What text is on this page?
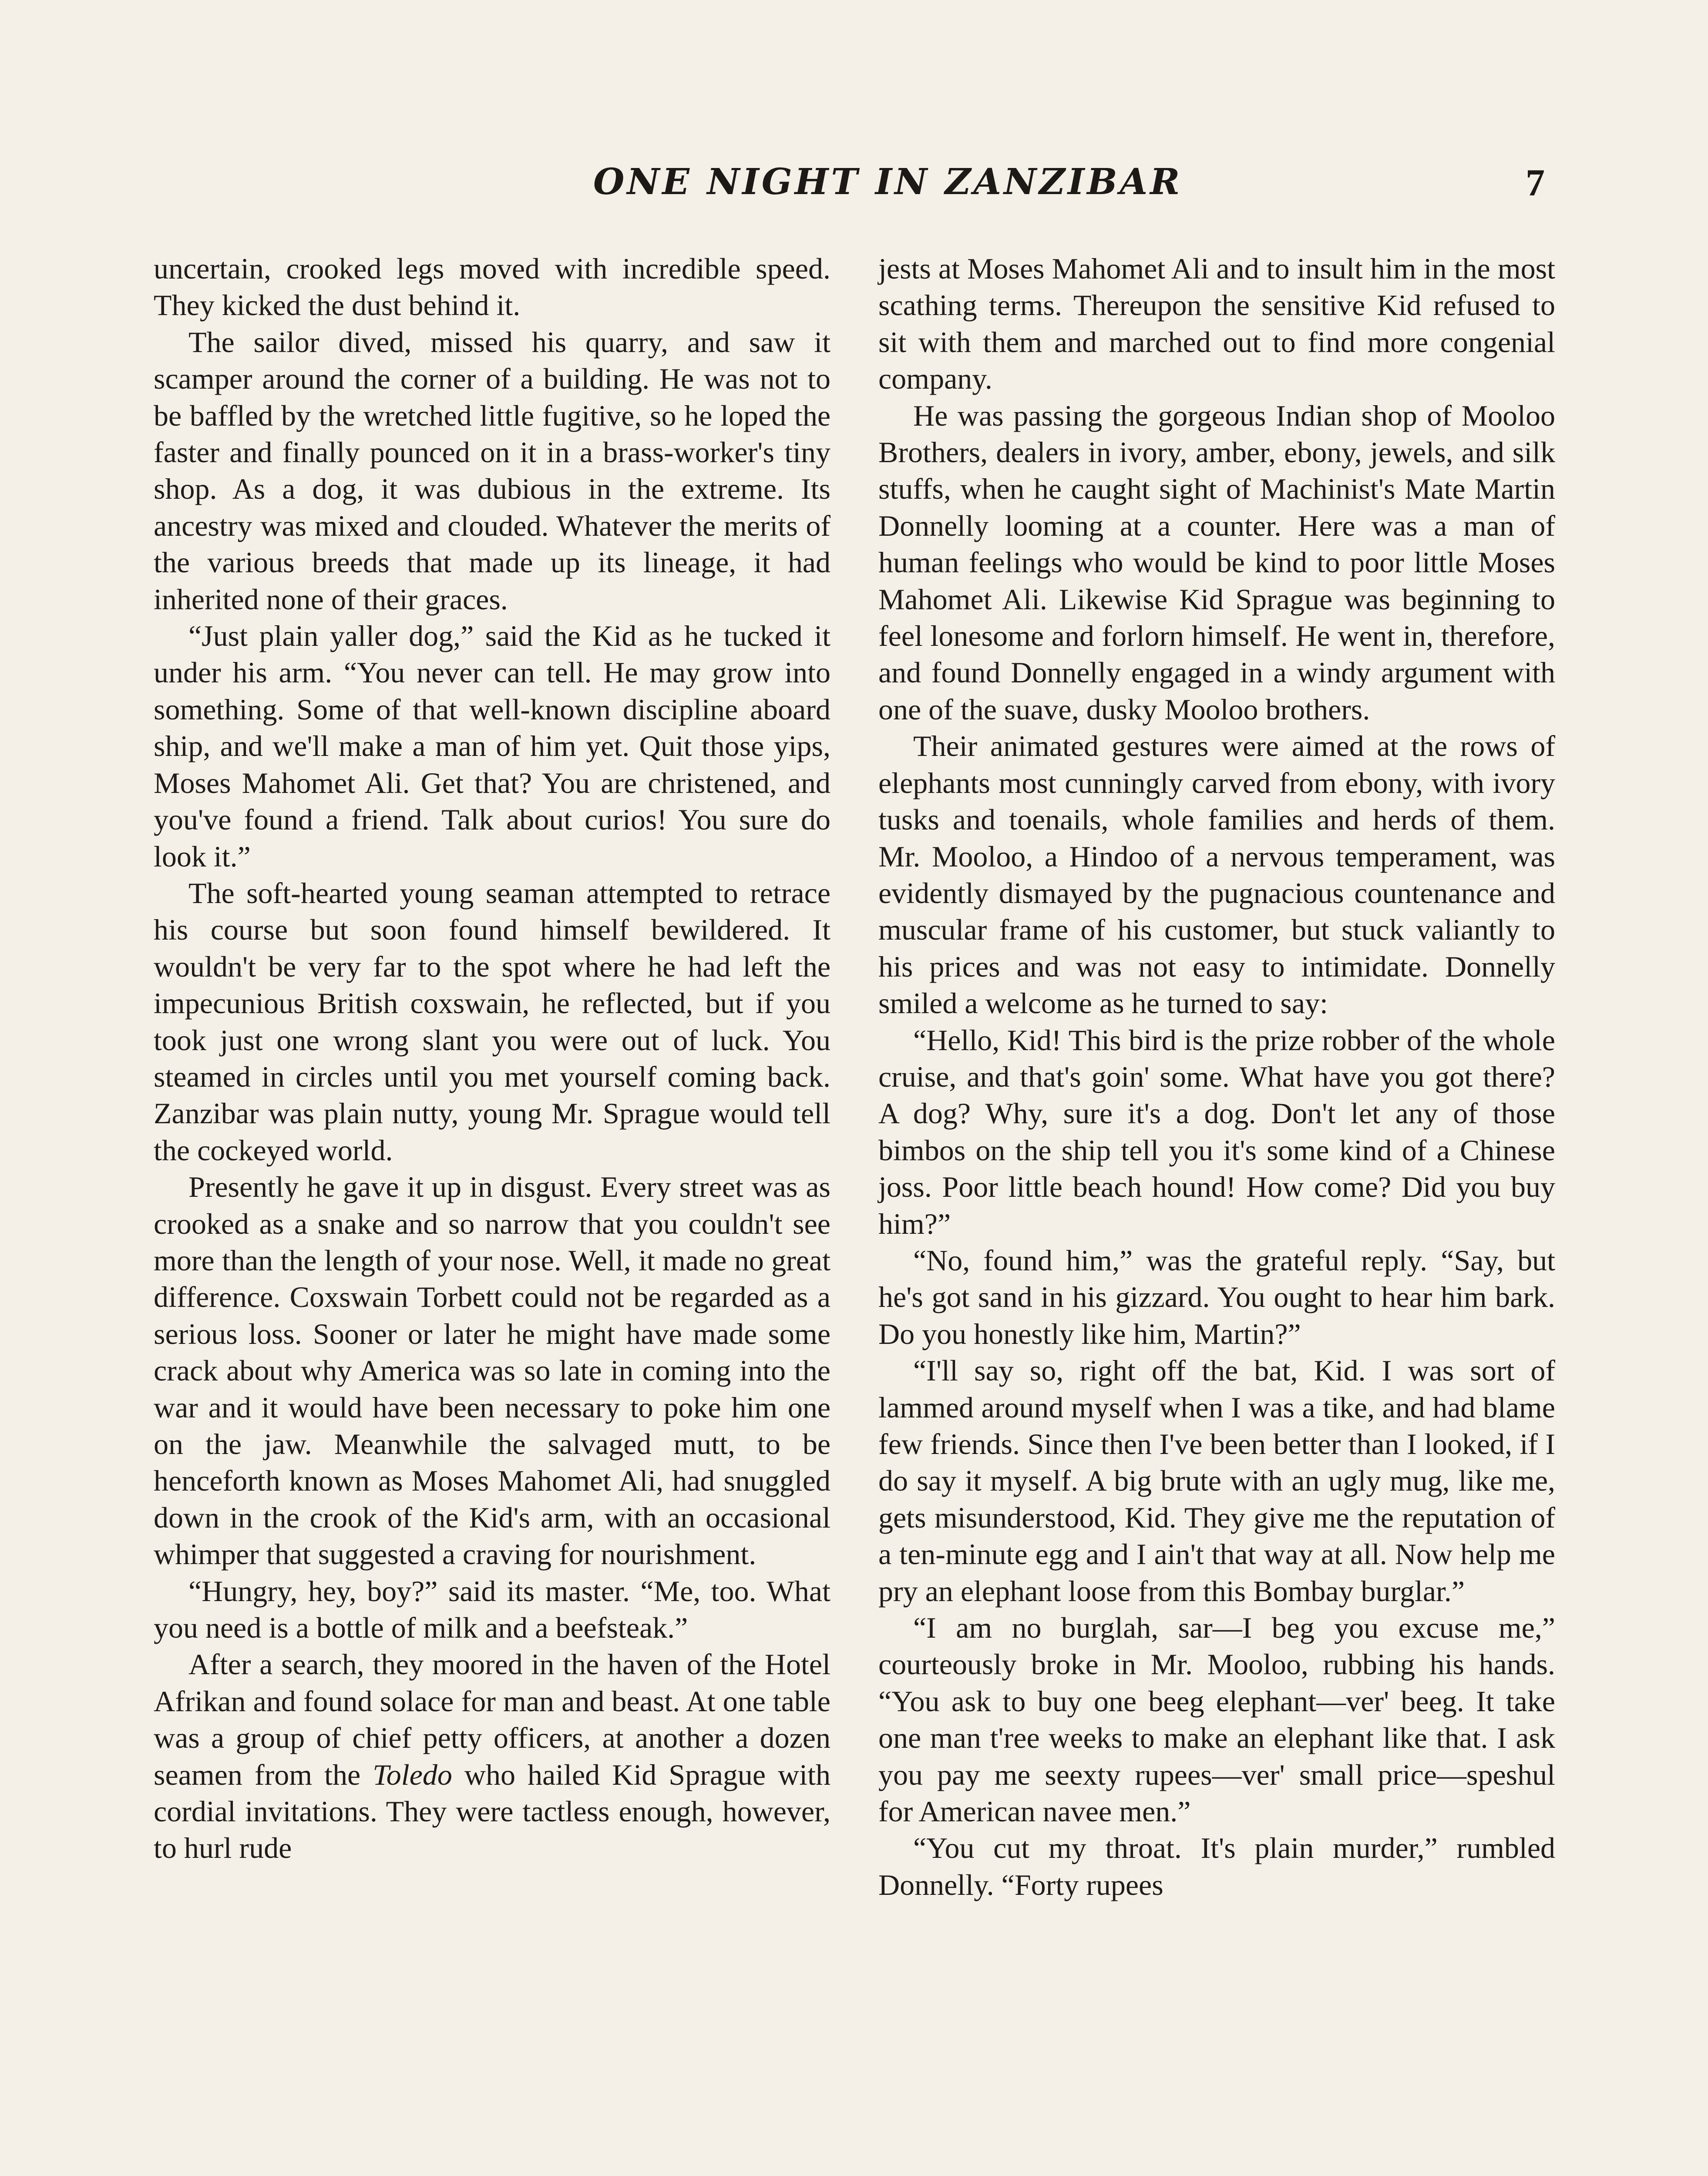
ONE NIGHT IN ZANZIBAR	7

uncertain, crooked legs moved with incredible speed. They kicked the dust behind it.

The sailor dived, missed his quarry, and saw it scamper around the corner of a building. He was not to be baffled by the wretched little fugitive, so he loped the faster and finally pounced on it in a brass-worker's tiny shop. As a dog, it was dubious in the extreme. Its ancestry was mixed and clouded. Whatever the merits of the various breeds that made up its lineage, it had inherited none of their graces.

“Just plain yaller dog,” said the Kid as he tucked it under his arm. “You never can tell. He may grow into something. Some of that well-known discipline aboard ship, and we'll make a man of him yet. Quit those yips, Moses Mahomet Ali. Get that? You are christened, and you've found a friend. Talk about curios! You sure do look it.”

The soft-hearted young seaman attempted to retrace his course but soon found himself bewildered. It wouldn't be very far to the spot where he had left the impecunious British coxswain, he reflected, but if you took just one wrong slant you were out of luck. You steamed in circles until you met yourself coming back. Zanzibar was plain nutty, young Mr. Sprague would tell the cockeyed world.

Presently he gave it up in disgust. Every street was as crooked as a snake and so narrow that you couldn't see more than the length of your nose. Well, it made no great difference. Coxswain Torbett could not be regarded as a serious loss. Sooner or later he might have made some crack about why America was so late in coming into the war and it would have been necessary to poke him one on the jaw. Meanwhile the salvaged mutt, to be henceforth known as Moses Mahomet Ali, had snuggled down in the crook of the Kid's arm, with an occasional whimper that suggested a craving for nourishment.

“Hungry, hey, boy?” said its master. “Me, too. What you need is a bottle of milk and a beefsteak.”

After a search, they moored in the haven of the Hotel Afrikan and found solace for man and beast. At one table was a group of chief petty officers, at another a dozen seamen from the Toledo who hailed Kid Sprague with cordial invitations. They were tactless enough, however, to hurl rude

jests at Moses Mahomet Ali and to insult him in the most scathing terms. Thereupon the sensitive Kid refused to sit with them and marched out to find more congenial company.

He was passing the gorgeous Indian shop of Mooloo Brothers, dealers in ivory, amber, ebony, jewels, and silk stuffs, when he caught sight of Machinist's Mate Martin Donnelly looming at a counter. Here was a man of human feelings who would be kind to poor little Moses Mahomet Ali. Likewise Kid Sprague was beginning to feel lonesome and forlorn himself. He went in, therefore, and found Donnelly engaged in a windy argument with one of the suave, dusky Mooloo brothers.

Their animated gestures were aimed at the rows of elephants most cunningly carved from ebony, with ivory tusks and toenails, whole families and herds of them. Mr. Mooloo, a Hindoo of a nervous temperament, was evidently dismayed by the pugnacious countenance and muscular frame of his customer, but stuck valiantly to his prices and was not easy to intimidate. Donnelly smiled a welcome as he turned to say:

“Hello, Kid! This bird is the prize robber of the whole cruise, and that's goin' some. What have you got there? A dog? Why, sure it's a dog. Don't let any of those bimbos on the ship tell you it's some kind of a Chinese joss. Poor little beach hound! How come? Did you buy him?”

“No, found him,” was the grateful reply. “Say, but he's got sand in his gizzard. You ought to hear him bark. Do you honestly like him, Martin?”

“I'll say so, right off the bat, Kid. I was sort of lammed around myself when I was a tike, and had blame few friends. Since then I've been better than I looked, if I do say it myself. A big brute with an ugly mug, like me, gets misunderstood, Kid. They give me the reputation of a ten-minute egg and I ain't that way at all. Now help me pry an elephant loose from this Bombay burglar.”

“I am no burglah, sar—I beg you excuse me,” courteously broke in Mr. Mooloo, rubbing his hands. “You ask to buy one beeg elephant—ver' beeg. It take one man t'ree weeks to make an elephant like that. I ask you pay me seexty rupees—ver' small price—speshul for American navee men.”

“You cut my throat. It's plain murder,” rumbled Donnelly. “Forty rupees
